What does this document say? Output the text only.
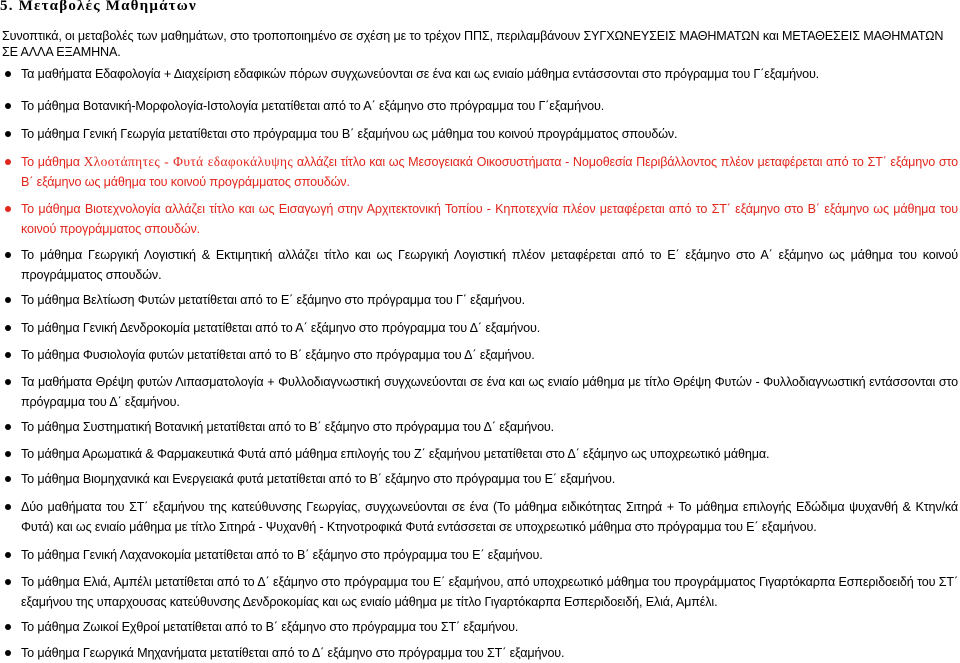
5. Μεταβολές Μαθημάτων

Συνοπτικά, οι μεταβολές των μαθημάτων, στο τροποποιημένο σε σχέση με το τρέχον ΠΠΣ, περιλαμβάνουν ΣΥΓΧΩΝΕΥΣΕΙΣ ΜΑΘΗΜΑΤΩΝ και ΜΕΤΑΘΕΣΕΙΣ ΜΑΘΗΜΑΤΩΝ ΣΕ ΑΛΛΑ ΕΞΑΜΗΝΑ.

Τα μαθήματα Εδαφολογία + Διαχείριση εδαφικών πόρων συγχωνεύονται σε ένα και ως ενιαίο μάθημα εντάσσονται στο πρόγραμμα του Γ΄εξαμήνου.
Το μάθημα Βοτανική-Μορφολογία-Ιστολογία μετατίθεται από το Α΄ εξάμηνο στο πρόγραμμα του Γ΄εξαμήνου.
Το μάθημα Γενική Γεωργία μετατίθεται στο πρόγραμμα του Β΄ εξαμήνου ως μάθημα του κοινού προγράμματος σπουδών.
Το μάθημα Χλοοτάπητες - Φυτά εδαφοκάλυψης αλλάζει τίτλο και ως Μεσογειακά Οικοσυστήματα - Νομοθεσία Περιβάλλοντος πλέον μεταφέρεται από το ΣΤ΄ εξάμηνο στο Β΄ εξάμηνο ως μάθημα του κοινού προγράμματος σπουδών.
Το μάθημα Βιοτεχνολογία αλλάζει τίτλο και ως Εισαγωγή στην Αρχιτεκτονική Τοπίου - Κηποτεχνία πλέον μεταφέρεται από το ΣΤ΄ εξάμηνο στο Β΄ εξάμηνο ως μάθημα του κοινού προγράμματος σπουδών.
Το μάθημα Γεωργική Λογιστική & Εκτιμητική αλλάζει τίτλο και ως Γεωργική Λογιστική πλέον μεταφέρεται από το Ε΄ εξάμηνο στο Α΄ εξάμηνο ως μάθημα του κοινού προγράμματος σπουδών.
Το μάθημα Βελτίωση Φυτών μετατίθεται από το Ε΄ εξάμηνο στο πρόγραμμα του Γ΄ εξαμήνου.
Το μάθημα Γενική Δενδροκομία μετατίθεται από το Α΄ εξάμηνο στο πρόγραμμα του Δ΄ εξαμήνου.
Το μάθημα Φυσιολογία φυτών μετατίθεται από το Β΄ εξάμηνο στο πρόγραμμα του Δ΄ εξαμήνου.
Τα μαθήματα Θρέψη φυτών Λιπασματολογία + Φυλλοδιαγνωστική συγχωνεύονται σε ένα και ως ενιαίο μάθημα με τίτλο Θρέψη Φυτών - Φυλλοδιαγνωστική εντάσσονται στο πρόγραμμα του Δ΄ εξαμήνου.
Το μάθημα Συστηματική Βοτανική μετατίθεται από το Β΄ εξάμηνο στο πρόγραμμα του Δ΄ εξαμήνου.
Το μάθημα Αρωματικά & Φαρμακευτικά Φυτά από μάθημα επιλογής του Ζ΄ εξαμήνου μετατίθεται στο Δ΄ εξάμηνο ως υποχρεωτικό μάθημα.
Το μάθημα Βιομηχανικά και Ενεργειακά φυτά μετατίθεται από το Β΄ εξάμηνο στο πρόγραμμα του Ε΄ εξαμήνου.
Δύο μαθήματα του ΣΤ΄ εξαμήνου της κατεύθυνσης Γεωργίας, συγχωνεύονται σε ένα (Το μάθημα ειδικότητας Σιτηρά + Το μάθημα επιλογής Εδώδιμα ψυχανθή & Κτην/κά Φυτά) και ως ενιαίο μάθημα με τίτλο Σιτηρά - Ψυχανθή - Κτηνοτροφικά Φυτά εντάσσεται σε υποχρεωτικό μάθημα στο πρόγραμμα του Ε΄ εξαμήνου.
Το μάθημα Γενική Λαχανοκομία μετατίθεται από το Β΄ εξάμηνο στο πρόγραμμα του Ε΄ εξαμήνου.
Το μάθημα Ελιά, Αμπέλι μετατίθεται από το Δ΄ εξάμηνο στο πρόγραμμα του Ε΄ εξαμήνου, από υποχρεωτικό μάθημα του προγράμματος Γιγαρτόκαρπα Εσπεριδοειδή του ΣΤ΄ εξαμήνου της υπαρχουσας κατεύθυνσης Δενδροκομίας και ως ενιαίο μάθημα με τίτλο Γιγαρτόκαρπα Εσπεριδοειδή, Ελιά, Αμπέλι.
Το μάθημα Ζωικοί Εχθροί μετατίθεται από το Β΄ εξάμηνο στο πρόγραμμα του ΣΤ΄ εξαμήνου.
Το μάθημα Γεωργικά Μηχανήματα μετατίθεται από το Δ΄ εξάμηνο στο πρόγραμμα του ΣΤ΄ εξαμήνου.
